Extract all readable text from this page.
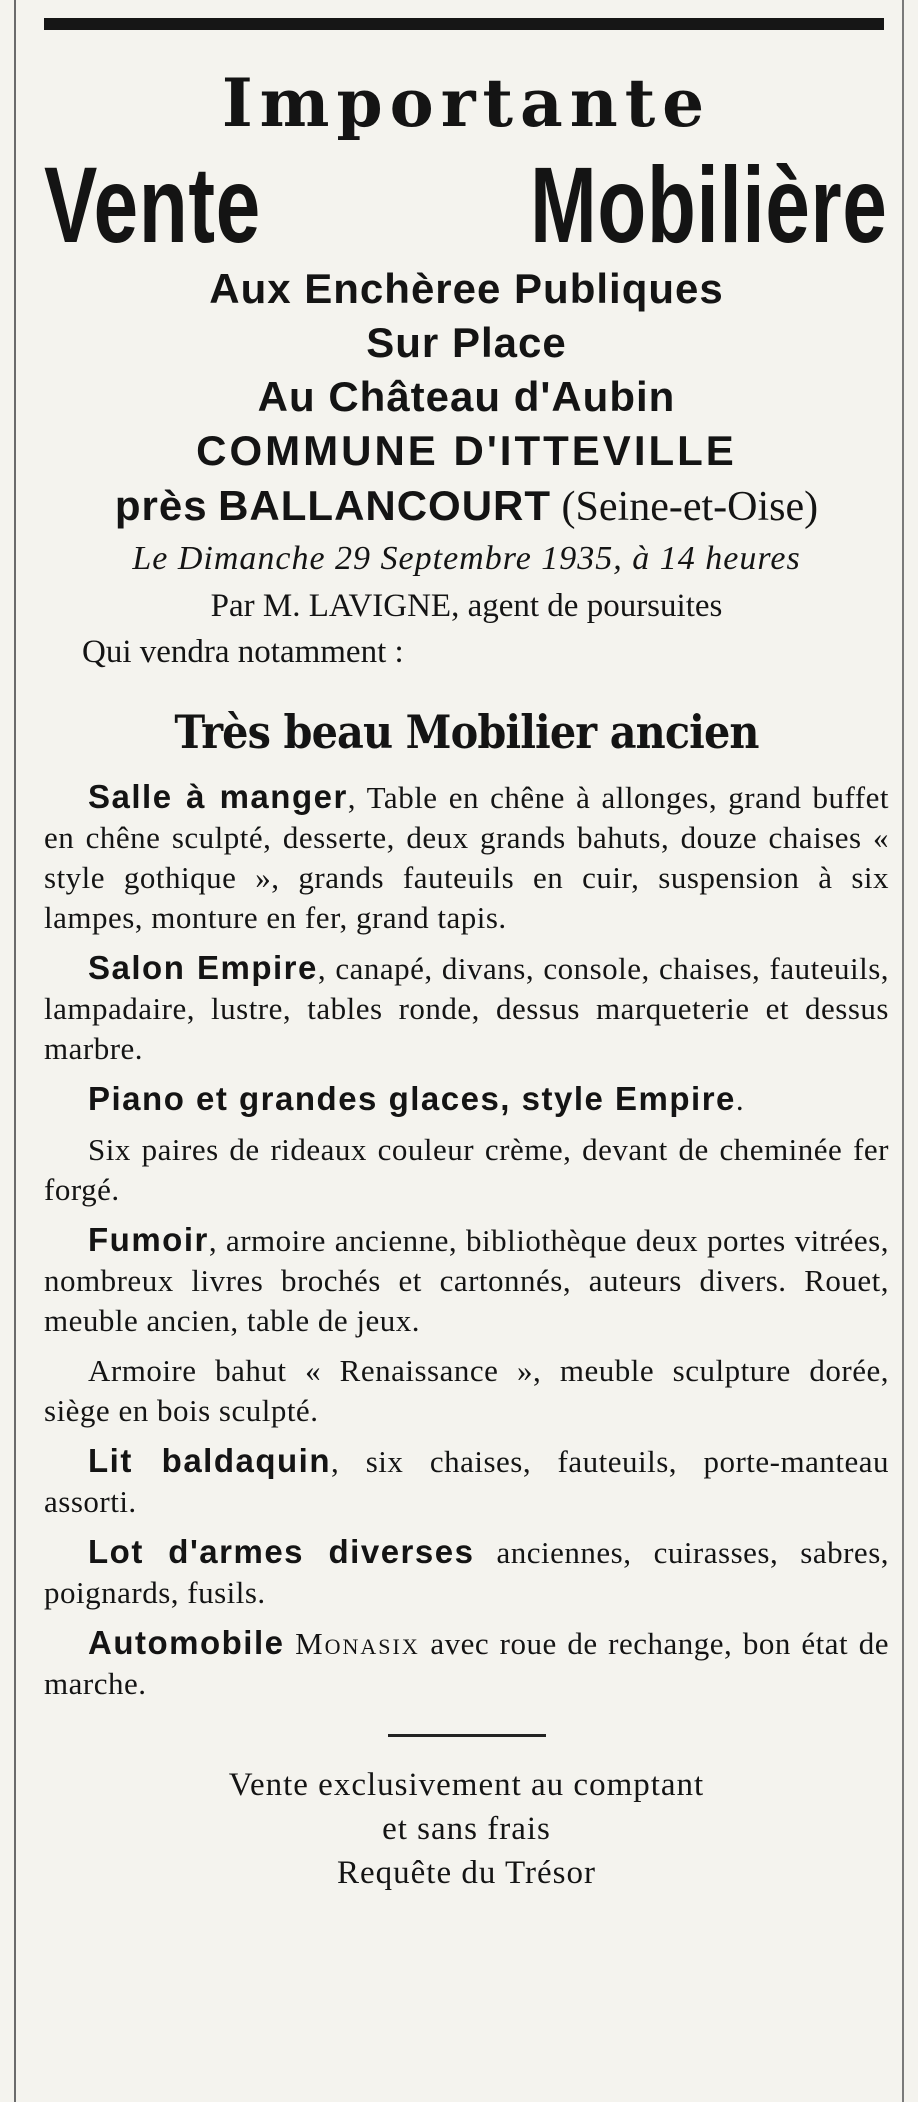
Importante
Vente Mobilière
Aux Enchèree Publiques
Sur Place
Au Château d'Aubin
COMMUNE D'ITTEVILLE
près BALLANCOURT (Seine-et-Oise)
Le Dimanche 29 Septembre 1935, à 14 heures
Par M. LAVIGNE, agent de poursuites
Qui vendra notamment :
Très beau Mobilier ancien

Salle à manger, Table en chêne à allonges, grand buffet en chêne sculpté, desserte, deux grands bahuts, douze chaises « style gothique », grands fauteuils en cuir, suspension à six lampes, monture en fer, grand tapis.

Salon Empire, canapé, divans, console, chaises, fauteuils, lampadaire, lustre, tables ronde, dessus marqueterie et dessus marbre.

Piano et grandes glaces, style Empire.

Six paires de rideaux couleur crème, devant de cheminée fer forgé.

Fumoir, armoire ancienne, bibliothèque deux portes vitrées, nombreux livres brochés et cartonnés, auteurs divers. Rouet, meuble ancien, table de jeux.

Armoire bahut « Renaissance », meuble sculpture dorée, siège en bois sculpté.

Lit baldaquin, six chaises, fauteuils, porte-manteau assorti.

Lot d'armes diverses anciennes, cuirasses, sabres, poignards, fusils.

Automobile Monasix avec roue de rechange, bon état de marche.

Vente exclusivement au comptant
et sans frais
Requête du Trésor
